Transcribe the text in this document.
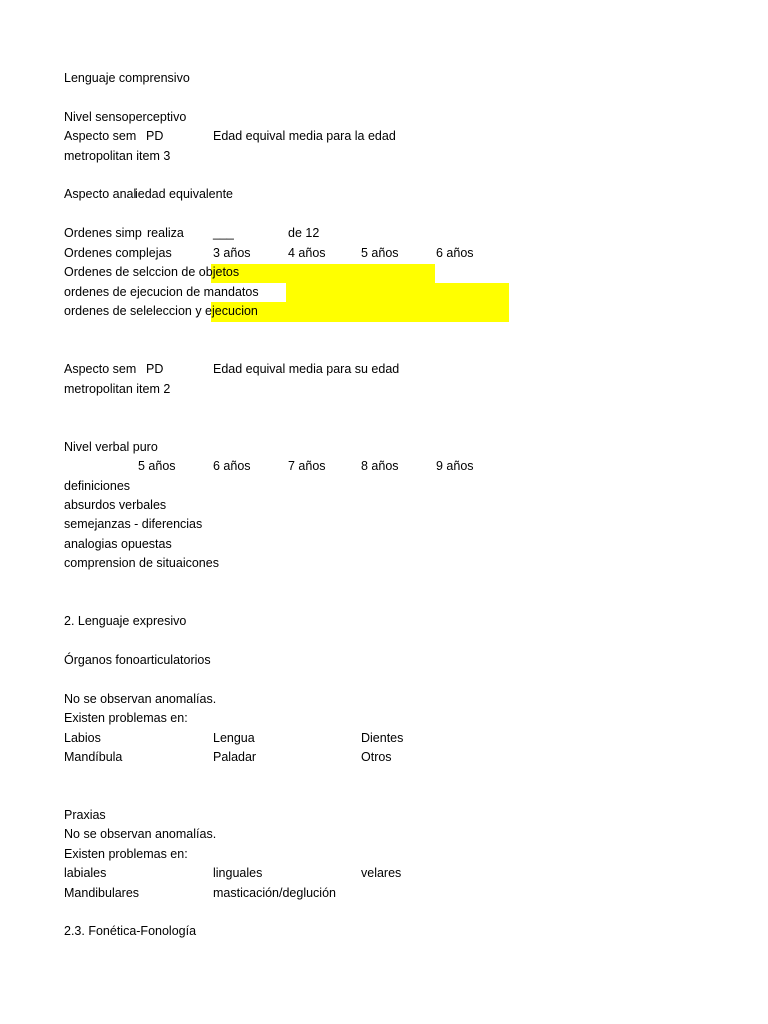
Lenguaje comprensivo
Nivel sensoperceptivo
Aspecto sem PD	Edad equival media para la edad
metropolitan item 3
Aspecto anal
iedad equivalente
Ordenes simp realiza ___	de 12
Ordenes complejas	3 años	4 años	5 años	6 años
Ordenes de selccion de objetos
ordenes de ejecucion de mandatos
ordenes de seleleccion y ejecucion
Aspecto sem PD	Edad equival media para su edad
metropolitan item 2
Nivel verbal puro
5 años	6 años	7 años	8 años	9 años
definiciones
absurdos verbales
semejanzas - diferencias
analogias opuestas
comprension de situaicones
2. Lenguaje expresivo
Órganos fonoarticulatorios
No se observan anomalías.
Existen problemas en:
Labios	Lengua	Dientes
Mandíbula	Paladar	Otros
Praxias
No se observan anomalías.
Existen problemas en:
labiales	linguales	velares
Mandibulares	masticación/deglución
2.3. Fonética-Fonología
